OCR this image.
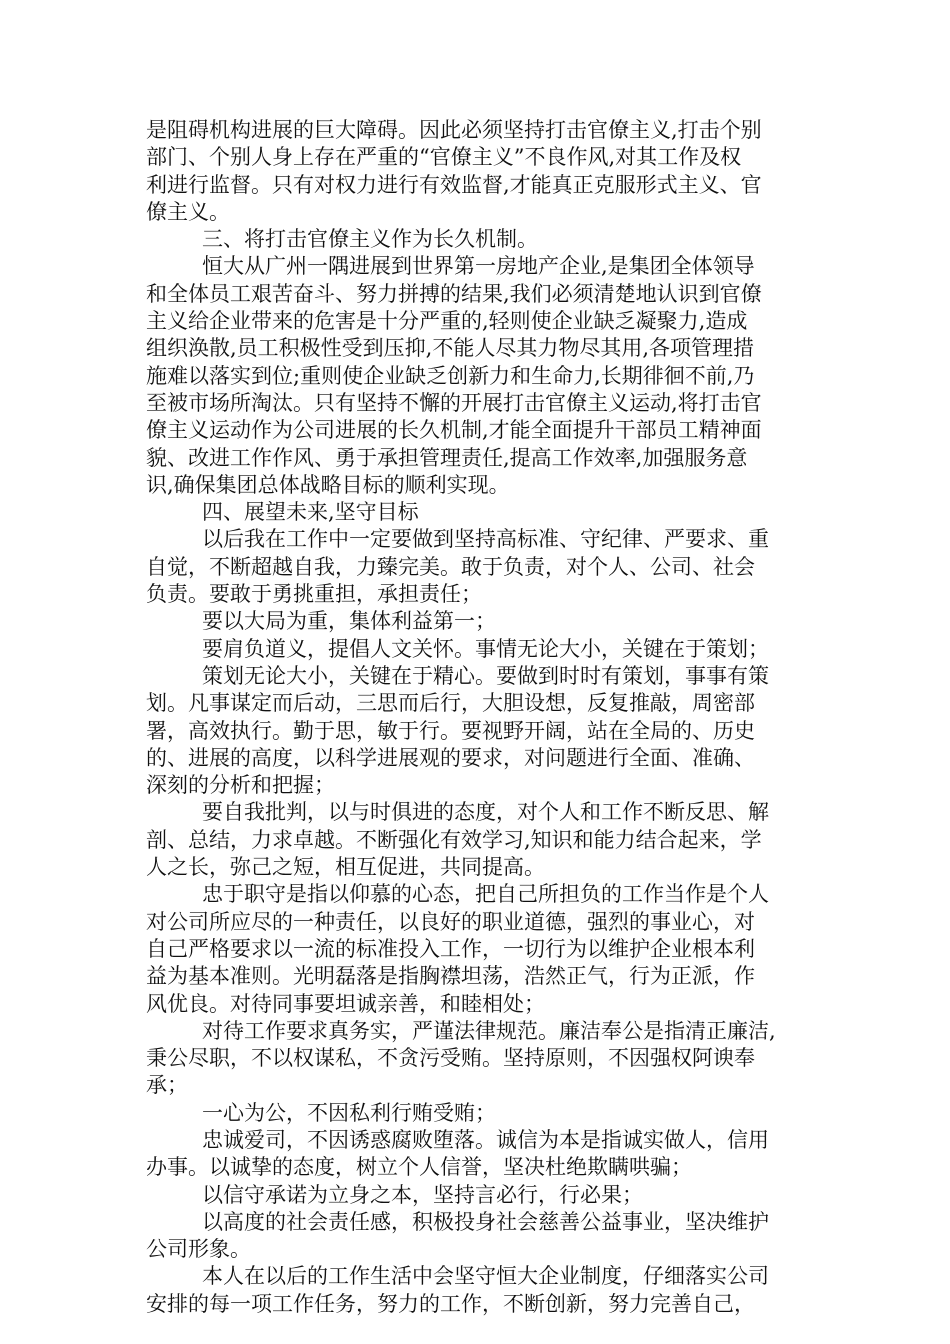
是阻碍机构进展的巨大障碍。因此必须坚持打击官僚主义,打击个别
部门、个别人身上存在严重的“官僚主义”不良作风,对其工作及权
利进行监督。只有对权力进行有效监督,才能真正克服形式主义、官
僚主义。
三、将打击官僚主义作为长久机制。
恒大从广州一隅进展到世界第一房地产企业,是集团全体领导
和全体员工艰苦奋斗、努力拼搏的结果,我们必须清楚地认识到官僚
主义给企业带来的危害是十分严重的,轻则使企业缺乏凝聚力,造成
组织涣散,员工积极性受到压抑,不能人尽其力物尽其用,各项管理措
施难以落实到位;重则使企业缺乏创新力和生命力,长期徘徊不前,乃
至被市场所淘汰。只有坚持不懈的开展打击官僚主义运动,将打击官
僚主义运动作为公司进展的长久机制,才能全面提升干部员工精神面
貌、改进工作作风、勇于承担管理责任,提高工作效率,加强服务意
识,确保集团总体战略目标的顺利实现。
四、展望未来,坚守目标
以后我在工作中一定要做到坚持高标准、守纪律、严要求、重
自觉，不断超越自我，力臻完美。敢于负责，对个人、公司、社会
负责。要敢于勇挑重担，承担责任；
要以大局为重，集体利益第一；
要肩负道义，提倡人文关怀。事情无论大小，关键在于策划；
策划无论大小，关键在于精心。要做到时时有策划，事事有策
划。凡事谋定而后动，三思而后行，大胆设想，反复推敲，周密部
署，高效执行。勤于思，敏于行。要视野开阔，站在全局的、历史
的、进展的高度，以科学进展观的要求，对问题进行全面、准确、
深刻的分析和把握；
要自我批判，以与时俱进的态度，对个人和工作不断反思、解
剖、总结，力求卓越。不断强化有效学习,知识和能力结合起来，学
人之长，弥己之短，相互促进，共同提高。
忠于职守是指以仰慕的心态，把自己所担负的工作当作是个人
对公司所应尽的一种责任，以良好的职业道德，强烈的事业心，对
自己严格要求以一流的标准投入工作，一切行为以维护企业根本利
益为基本准则。光明磊落是指胸襟坦荡，浩然正气，行为正派，作
风优良。对待同事要坦诚亲善，和睦相处；
对待工作要求真务实，严谨法律规范。廉洁奉公是指清正廉洁,
秉公尽职，不以权谋私，不贪污受贿。坚持原则，不因强权阿谀奉
承；
一心为公，不因私利行贿受贿；
忠诚爱司，不因诱惑腐败堕落。诚信为本是指诚实做人，信用
办事。以诚挚的态度，树立个人信誉，坚决杜绝欺瞒哄骗；
以信守承诺为立身之本，坚持言必行，行必果；
以高度的社会责任感，积极投身社会慈善公益事业，坚决维护
公司形象。
本人在以后的工作生活中会坚守恒大企业制度，仔细落实公司
安排的每一项工作任务，努力的工作，不断创新，努力完善自己，
